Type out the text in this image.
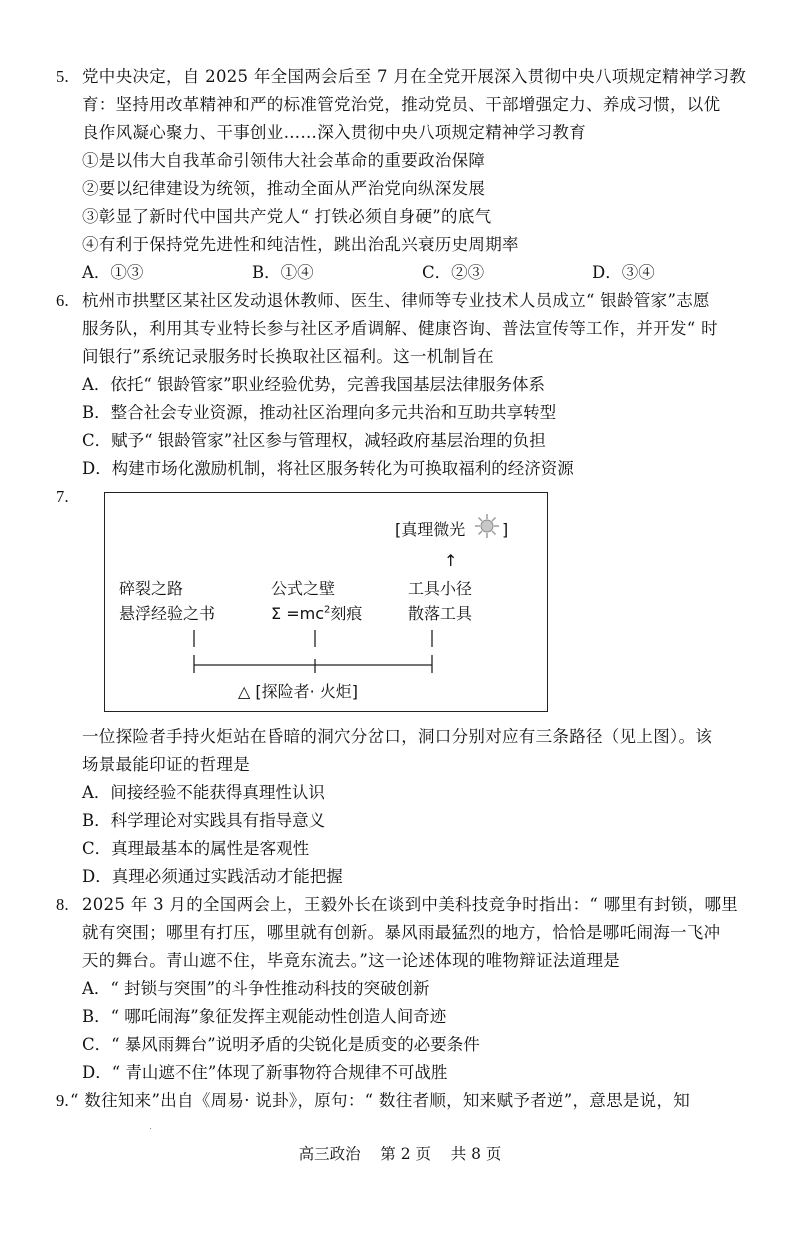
5. 党中央决定，自 2025 年全国两会后至 7 月在全党开展深入贯彻中央八项规定精神学习教
育：坚持用改革精神和严的标准管党治党，推动党员、干部增强定力、养成习惯，以优
良作风凝心聚力、干事创业……深入贯彻中央八项规定精神学习教育
①是以伟大自我革命引领伟大社会革命的重要政治保障
②要以纪律建设为统领，推动全面从严治党向纵深发展
③彰显了新时代中国共产党人“ 打铁必须自身硬”的底气
④有利于保持党先进性和纯洁性，跳出治乱兴衰历史周期率
A．①③	B．①④	C．②③	D．③④
6. 杭州市拱墅区某社区发动退休教师、医生、律师等专业技术人员成立“ 银龄管家”志愿
服务队，利用其专业特长参与社区矛盾调解、健康咨询、普法宣传等工作，并开发“ 时
间银行”系统记录服务时长换取社区福利。这一机制旨在
A．依托“ 银龄管家”职业经验优势，完善我国基层法律服务体系
B．整合社会专业资源，推动社区治理向多元共治和互助共享转型
C．赋予“ 银龄管家”社区参与管理权，减轻政府基层治理的负担
D．构建市场化激励机制，将社区服务转化为可换取福利的经济资源
7.
[真理微光 ]
↑
碎裂之路
悬浮经验之书
公式之壁
$\Sigma =mc^2$刻痕
工具小径
散落工具
△ [探险者· 火炬]
一位探险者手持火炬站在昏暗的洞穴分岔口，洞口分别对应有三条路径（见上图）。该
场景最能印证的哲理是
A．间接经验不能获得真理性认识
B．科学理论对实践具有指导意义
C．真理最基本的属性是客观性
D．真理必须通过实践活动才能把握
8. 2025 年 3 月的全国两会上，王毅外长在谈到中美科技竞争时指出：“ 哪里有封锁，哪里
就有突围；哪里有打压，哪里就有创新。暴风雨最猛烈的地方，恰恰是哪吒闹海一飞冲
天的舞台。青山遮不住，毕竟东流去。”这一论述体现的唯物辩证法道理是
A．“ 封锁与突围”的斗争性推动科技的突破创新
B．“ 哪吒闹海”象征发挥主观能动性创造人间奇迹
C．“ 暴风雨舞台”说明矛盾的尖锐化是质变的必要条件
D．“ 青山遮不住”体现了新事物符合规律不可战胜
9. “ 数往知来”出自《周易· 说卦》，原句：“ 数往者顺，知来赋予者逆”，意思是说，知
高三政治    第 2 页    共 8 页
